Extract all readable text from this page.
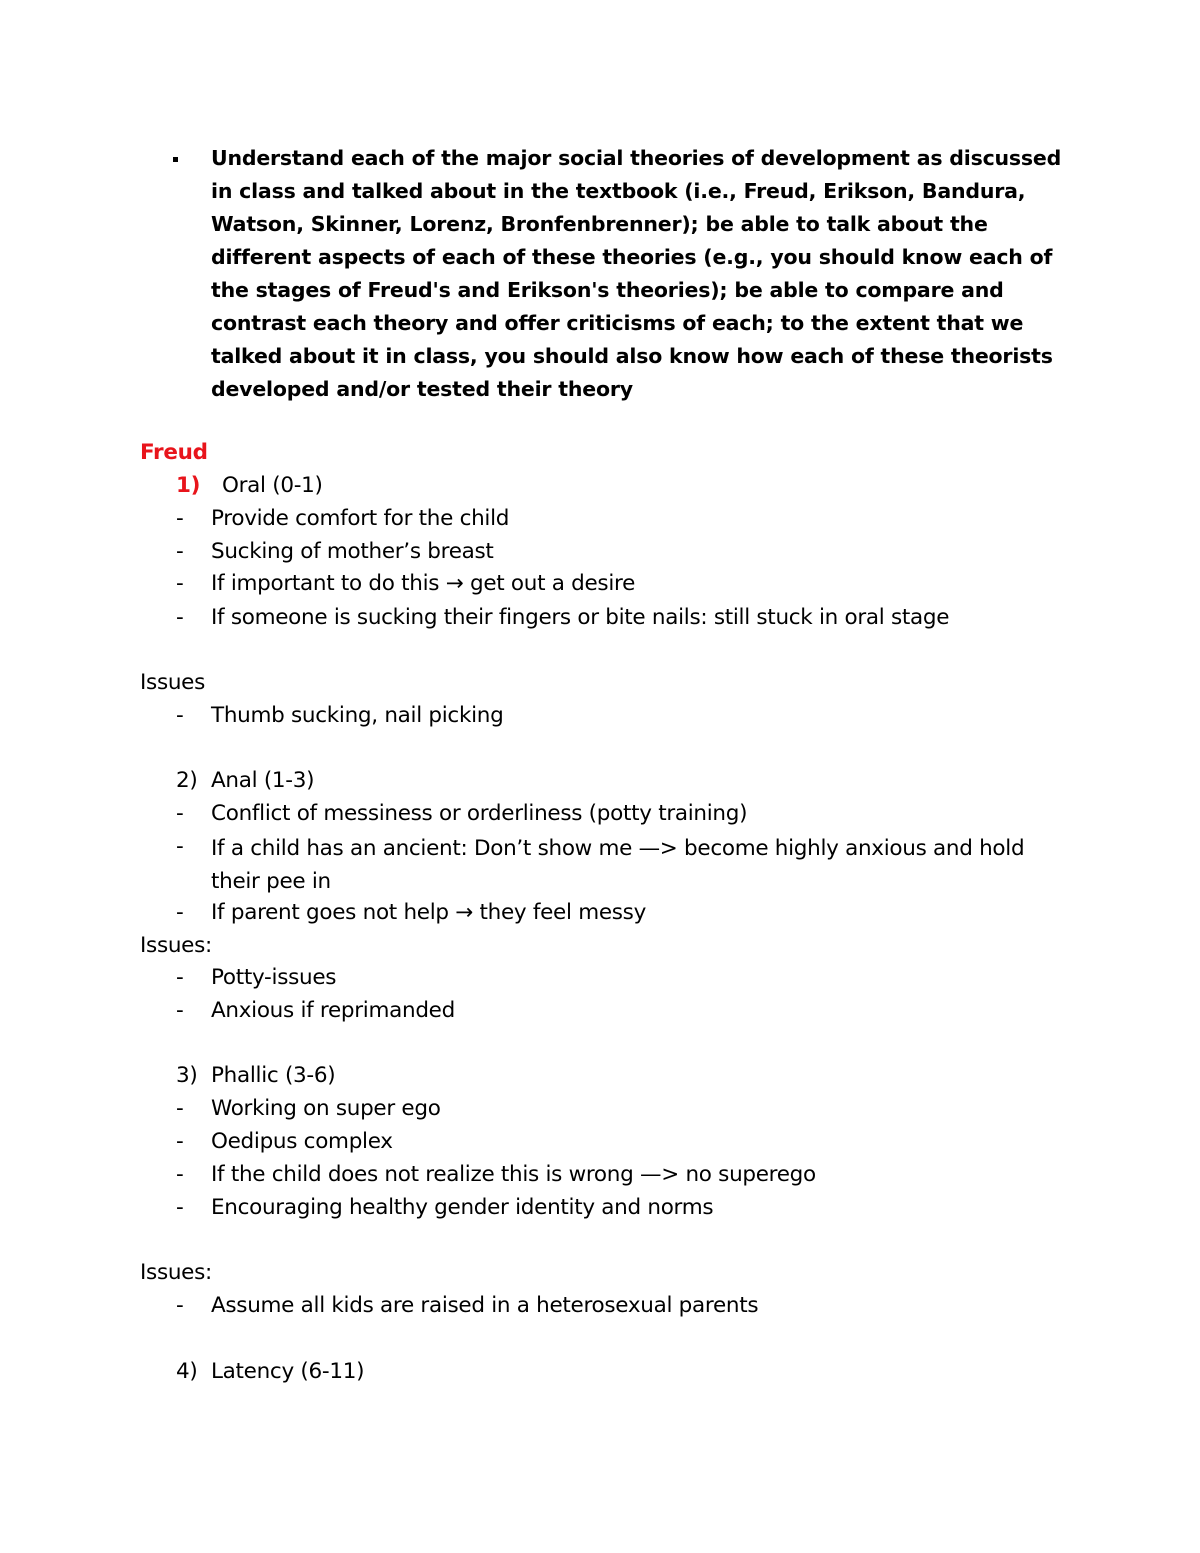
Understand each of the major social theories of development as discussed in class and talked about in the textbook (i.e., Freud, Erikson, Bandura, Watson, Skinner, Lorenz, Bronfenbrenner); be able to talk about the different aspects of each of these theories (e.g., you should know each of the stages of Freud's and Erikson's theories); be able to compare and contrast each theory and offer criticisms of each; to the extent that we talked about it in class, you should also know how each of these theorists developed and/or tested their theory
Freud
1) Oral (0-1)
- Provide comfort for the child
- Sucking of mother’s breast
- If important to do this → get out a desire
- If someone is sucking their fingers or bite nails: still stuck in oral stage
Issues
- Thumb sucking, nail picking
2) Anal (1-3)
- Conflict of messiness or orderliness (potty training)
- If a child has an ancient: Don’t show me —> become highly anxious and hold their pee in
- If parent goes not help → they feel messy
Issues:
- Potty-issues
- Anxious if reprimanded
3) Phallic (3-6)
- Working on super ego
- Oedipus complex
- If the child does not realize this is wrong —> no superego
- Encouraging healthy gender identity and norms
Issues:
- Assume all kids are raised in a heterosexual parents
4) Latency (6-11)
